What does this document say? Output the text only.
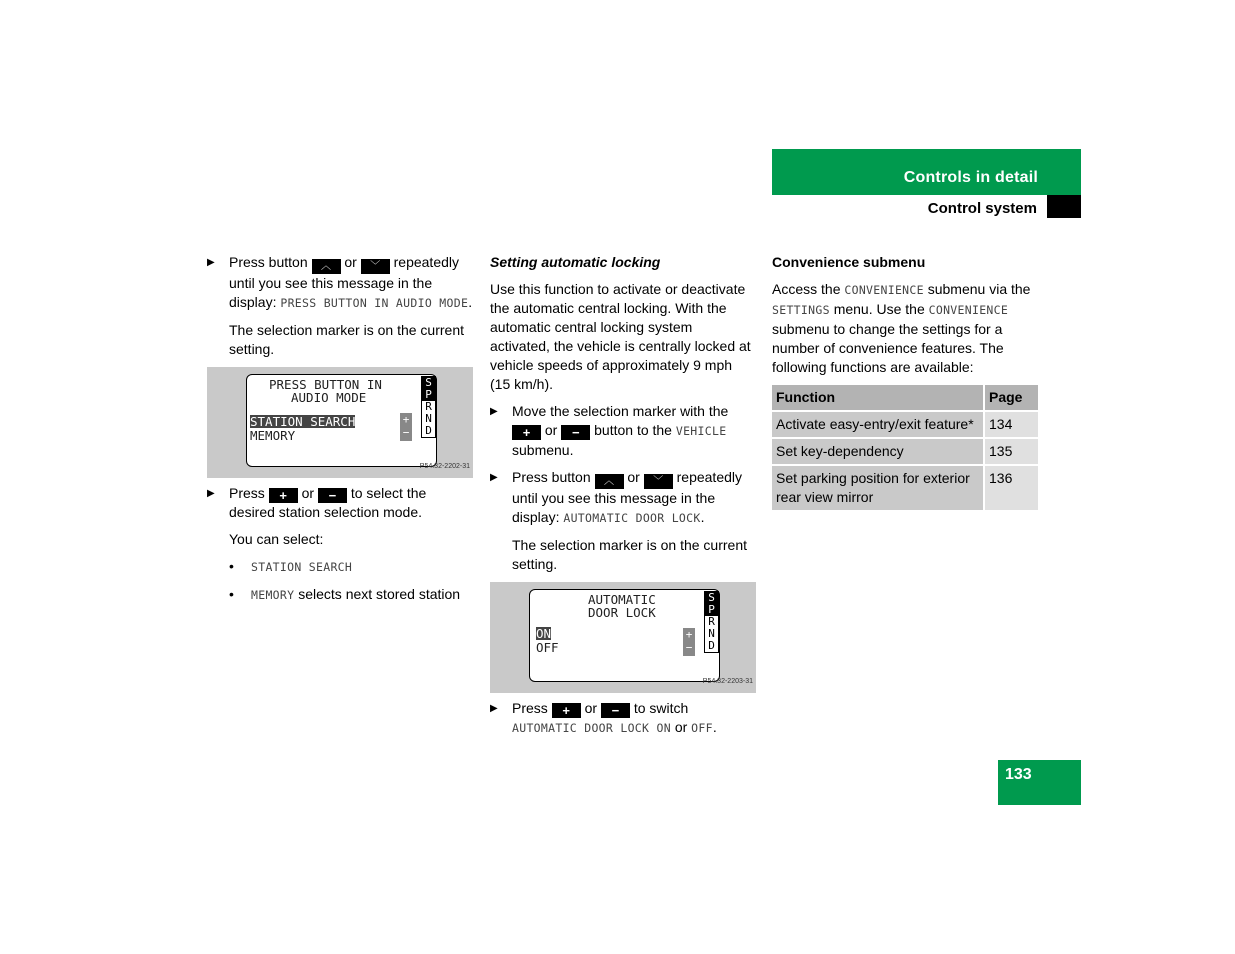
Controls in detail
Control system
▶ Press button ︿ or ﹀ repeatedly until you see this message in the display: PRESS BUTTON IN AUDIO MODE.

The selection marker is on the current setting.

PRESS BUTTON IN
AUDIO MODE
STATION SEARCH
MEMORY
+
−
S
P
R
N
D
P54.32-2202-31
▶ Press + or − to select the desired station selection mode.

You can select:

• STATION SEARCH
• MEMORY selects next stored station
Setting automatic locking

Use this function to activate or deactivate the automatic central locking. With the automatic central locking system activated, the vehicle is centrally locked at vehicle speeds of approximately 9 mph (15 km/h).

▶ Move the selection marker with the + or − button to the VEHICLE submenu.
▶ Press button ︿ or ﹀ repeatedly until you see this message in the display: AUTOMATIC DOOR LOCK.

The selection marker is on the current setting.

AUTOMATIC
DOOR LOCK
ON
OFF
+
−
S
P
R
N
D
P54.32-2203-31
▶ Press + or − to switch AUTOMATIC DOOR LOCK ON or OFF.
Convenience submenu

Access the CONVENIENCE submenu via the SETTINGS menu. Use the CONVENIENCE submenu to change the settings for a number of convenience features. The following functions are available:

Function	Page
Activate easy-entry/exit feature*	134
Set key-dependency	135
Set parking position for exterior rear view mirror	136
133
